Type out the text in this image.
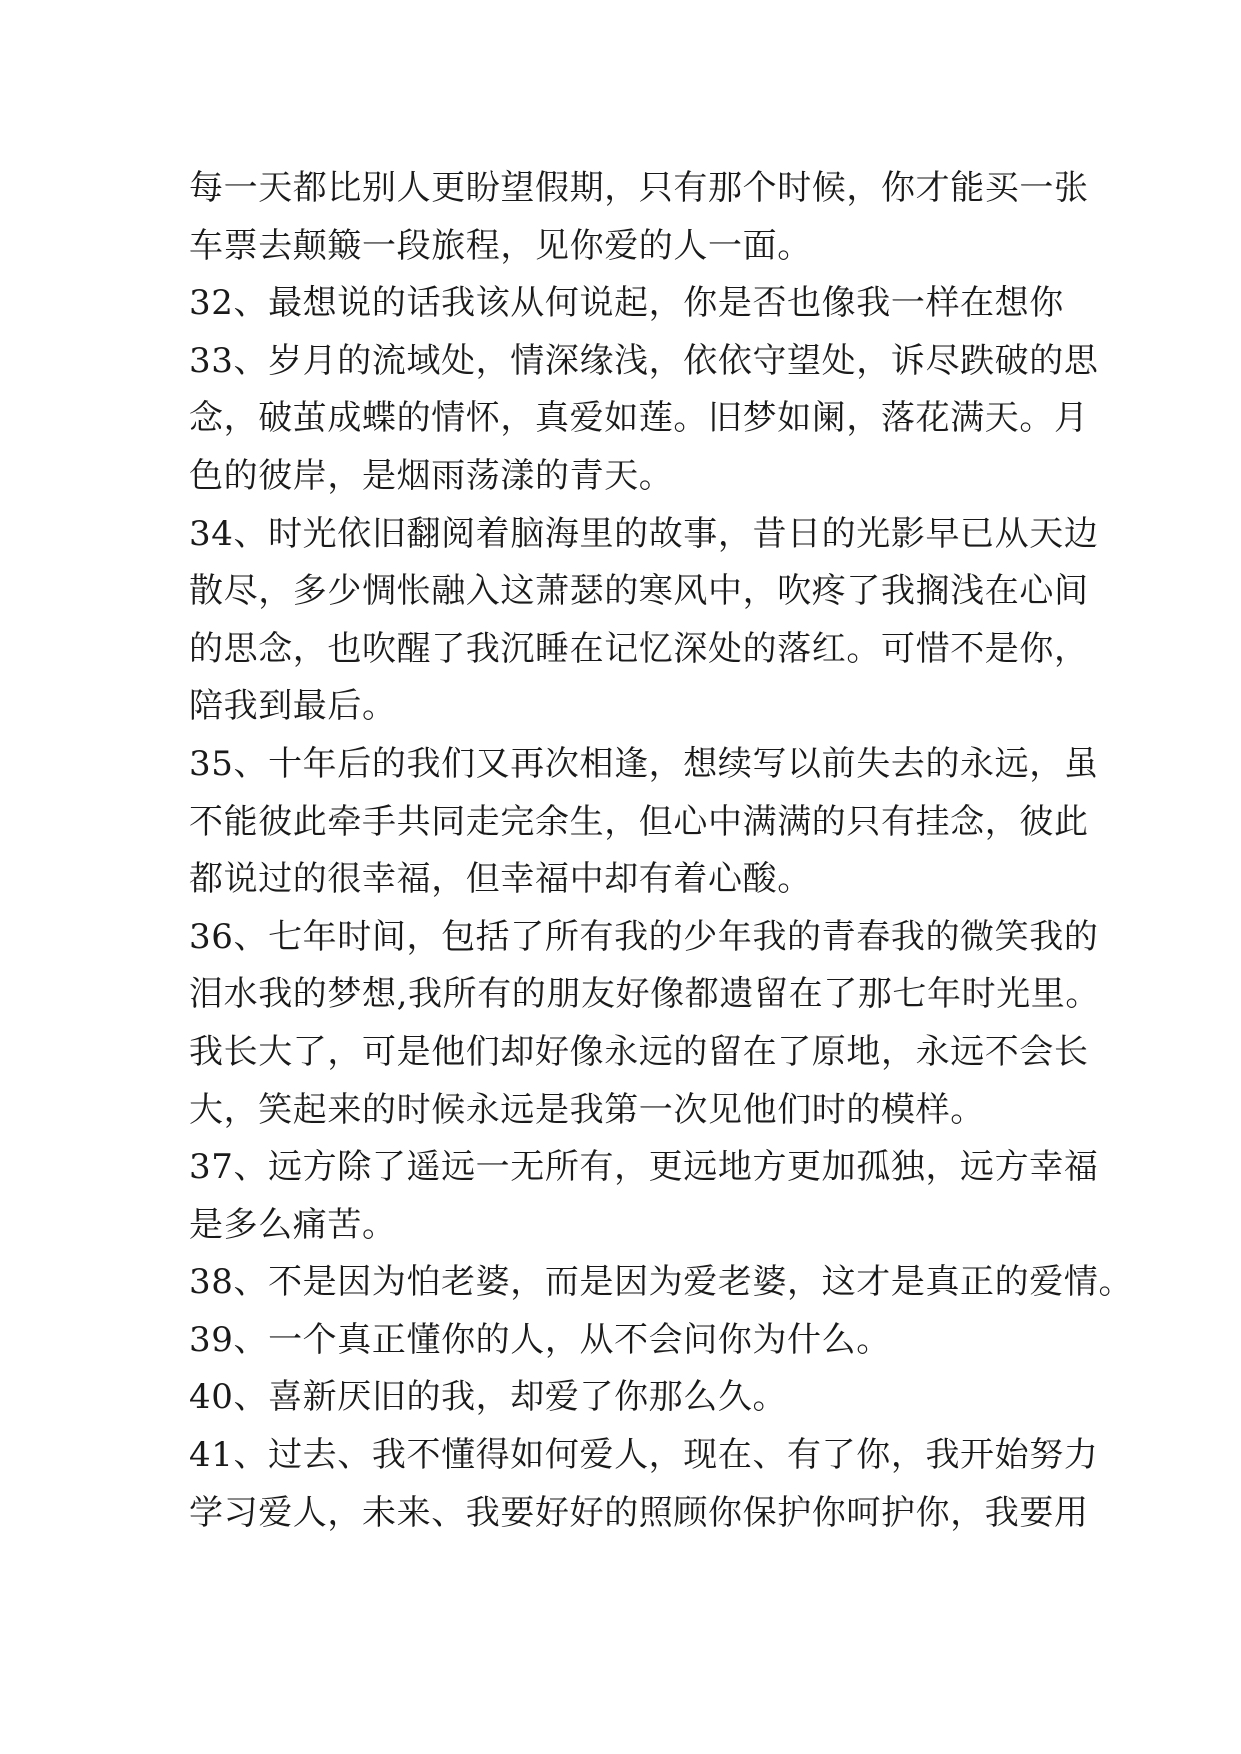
每一天都比别人更盼望假期，只有那个时候，你才能买一张
车票去颠簸一段旅程，见你爱的人一面。
32、最想说的话我该从何说起，你是否也像我一样在想你
33、岁月的流域处，情深缘浅，依依守望处，诉尽跌破的思
念，破茧成蝶的情怀，真爱如莲。旧梦如阑，落花满天。月
色的彼岸，是烟雨荡漾的青天。
34、时光依旧翻阅着脑海里的故事，昔日的光影早已从天边
散尽，多少惆怅融入这萧瑟的寒风中，吹疼了我搁浅在心间
的思念，也吹醒了我沉睡在记忆深处的落红。可惜不是你，
陪我到最后。
35、十年后的我们又再次相逢，想续写以前失去的永远，虽
不能彼此牵手共同走完余生，但心中满满的只有挂念，彼此
都说过的很幸福，但幸福中却有着心酸。
36、七年时间，包括了所有我的少年我的青春我的微笑我的
泪水我的梦想,我所有的朋友好像都遗留在了那七年时光里。
我长大了，可是他们却好像永远的留在了原地，永远不会长
大，笑起来的时候永远是我第一次见他们时的模样。
37、远方除了遥远一无所有，更远地方更加孤独，远方幸福
是多么痛苦。
38、不是因为怕老婆，而是因为爱老婆，这才是真正的爱情。
39、一个真正懂你的人，从不会问你为什么。
40、喜新厌旧的我，却爱了你那么久。
41、过去、我不懂得如何爱人，现在、有了你，我开始努力
学习爱人，未来、我要好好的照顾你保护你呵护你，我要用
